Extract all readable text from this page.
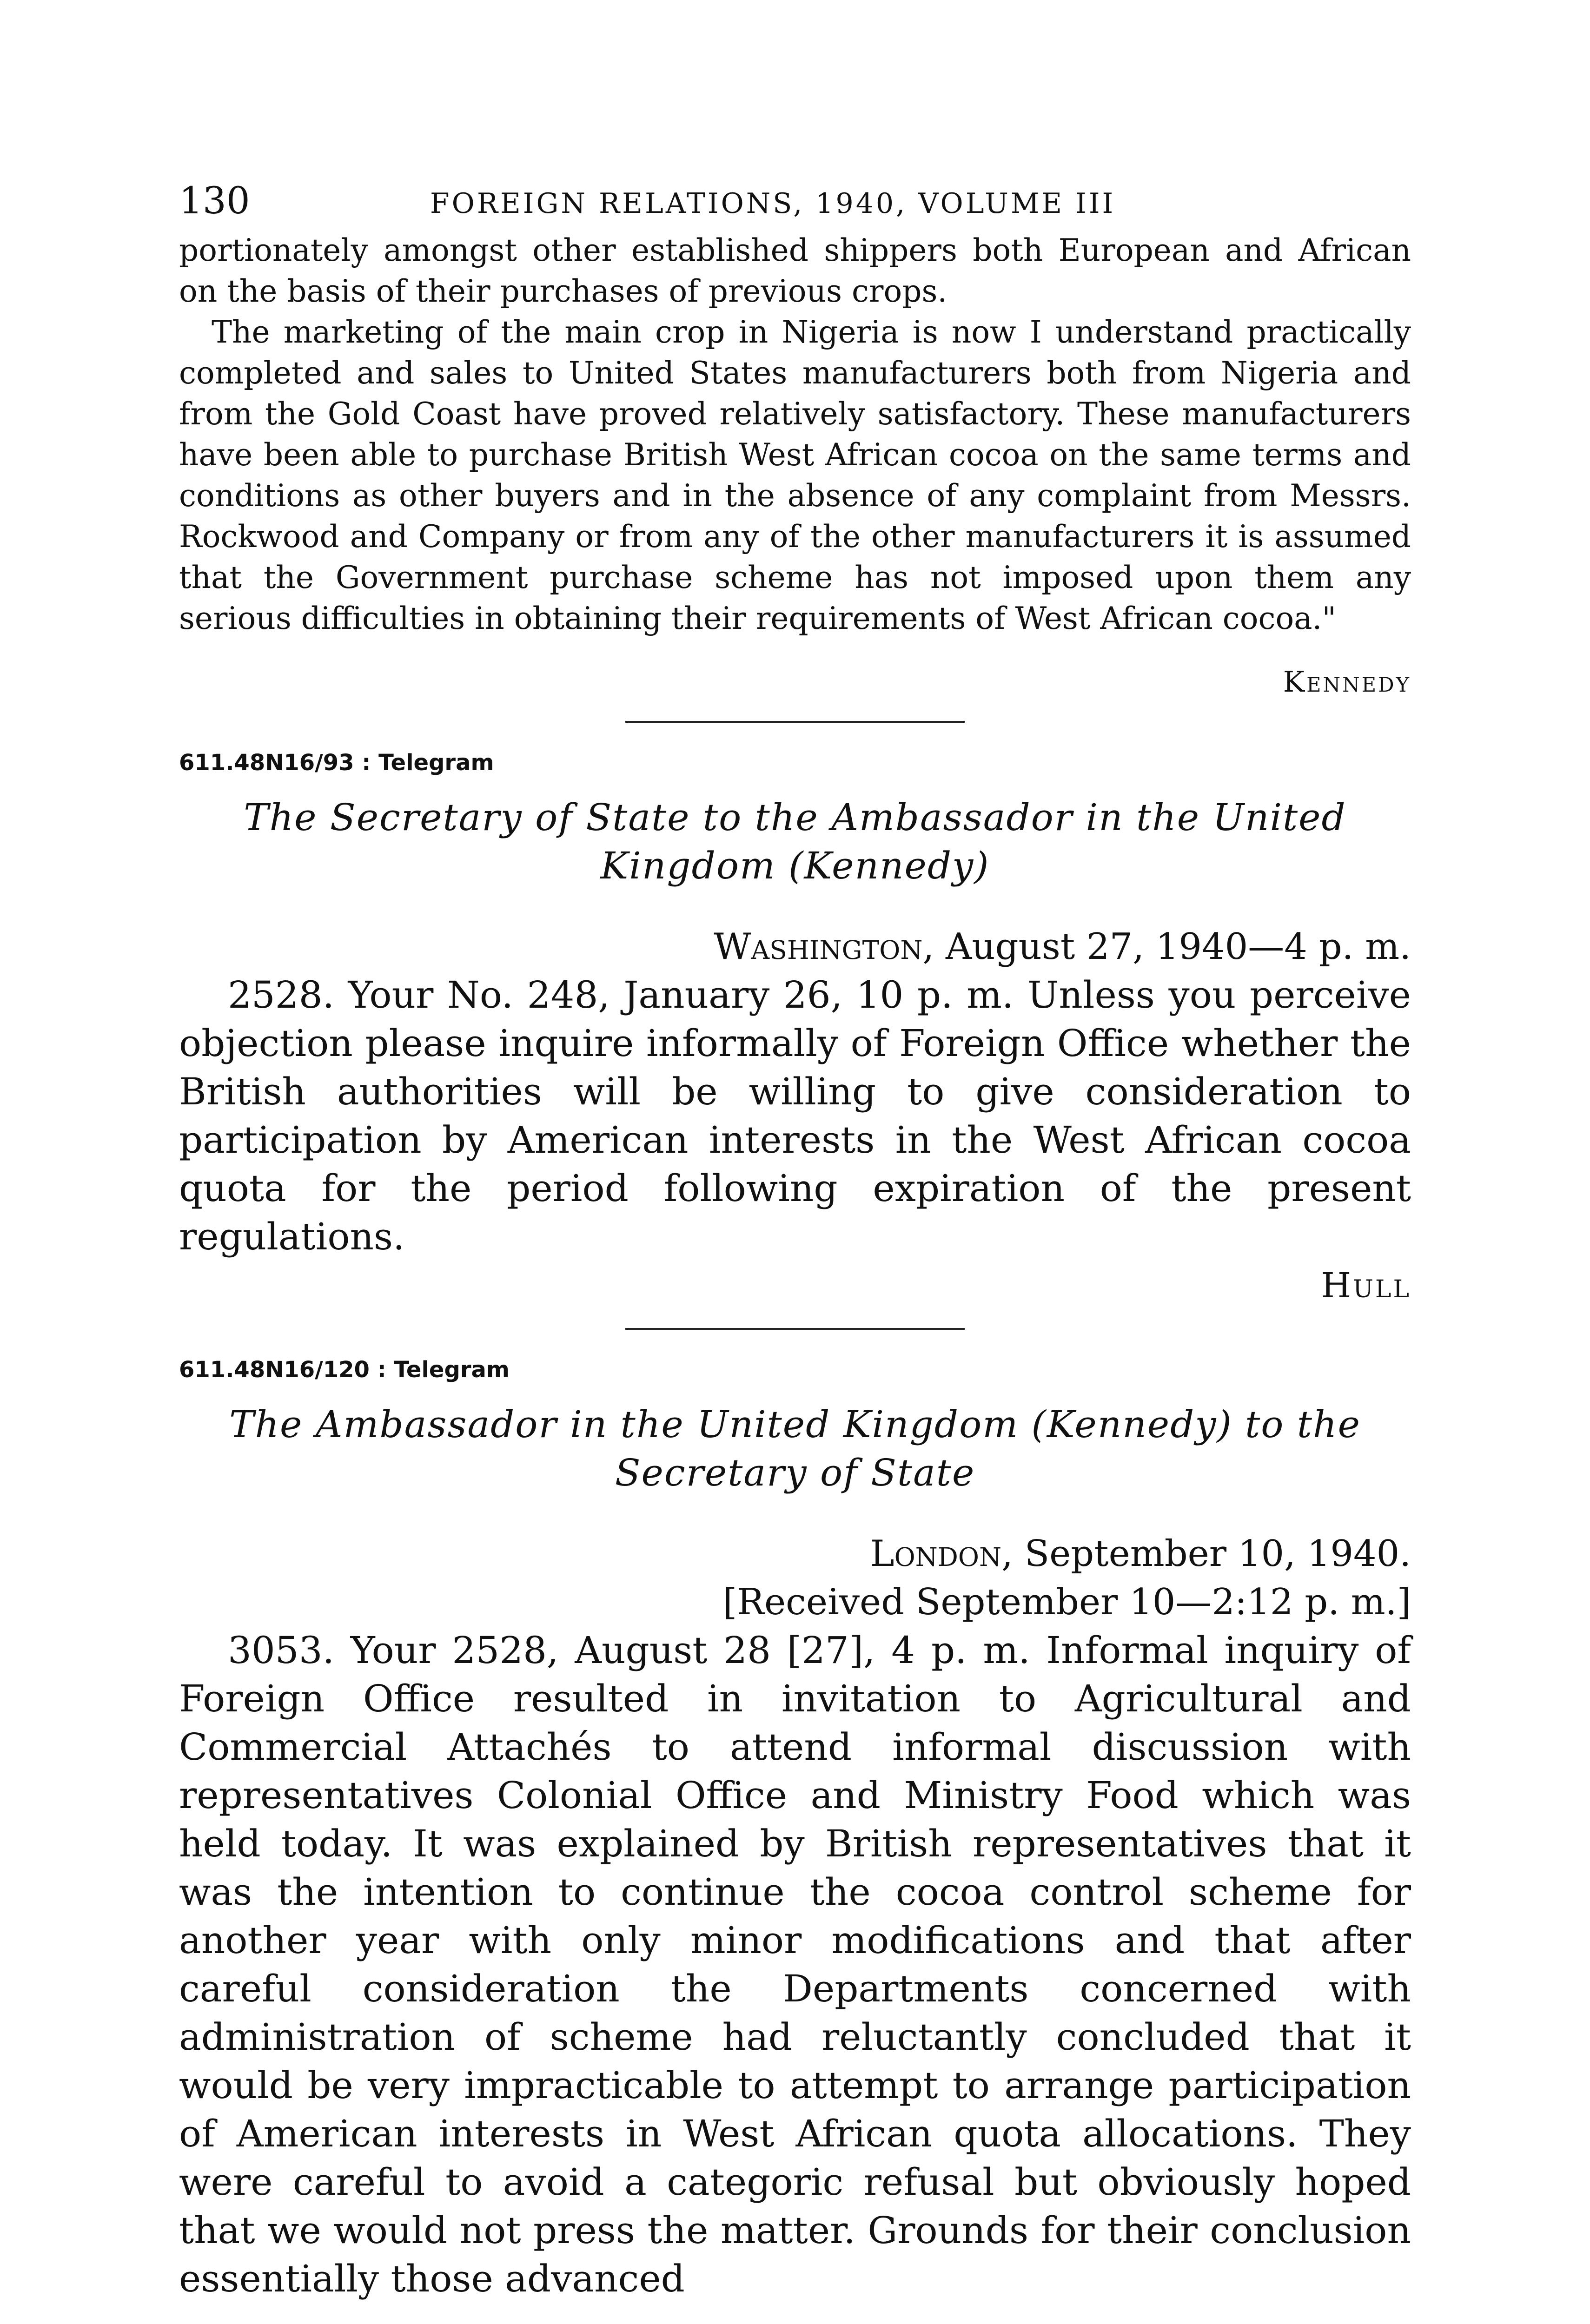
130	FOREIGN RELATIONS, 1940, VOLUME III

portionately amongst other established shippers both European and African on the basis of their purchases of previous crops.

The marketing of the main crop in Nigeria is now I understand practically completed and sales to United States manufacturers both from Nigeria and from the Gold Coast have proved relatively satisfactory. These manufacturers have been able to purchase British West African cocoa on the same terms and conditions as other buyers and in the absence of any complaint from Messrs. Rockwood and Company or from any of the other manufacturers it is assumed that the Government purchase scheme has not imposed upon them any serious difficulties in obtaining their requirements of West African cocoa."

Kennedy

611.48N16/93 : Telegram

The Secretary of State to the Ambassador in the United Kingdom (Kennedy)

Washington, August 27, 1940—4 p. m.

2528. Your No. 248, January 26, 10 p. m. Unless you perceive objection please inquire informally of Foreign Office whether the British authorities will be willing to give consideration to participation by American interests in the West African cocoa quota for the period following expiration of the present regulations.

Hull

611.48N16/120 : Telegram

The Ambassador in the United Kingdom (Kennedy) to the Secretary of State

London, September 10, 1940.

[Received September 10—2:12 p. m.]

3053. Your 2528, August 28 [27], 4 p. m. Informal inquiry of Foreign Office resulted in invitation to Agricultural and Commercial Attachés to attend informal discussion with representatives Colonial Office and Ministry Food which was held today. It was explained by British representatives that it was the intention to continue the cocoa control scheme for another year with only minor modifications and that after careful consideration the Departments concerned with administration of scheme had reluctantly concluded that it would be very impracticable to attempt to arrange participation of American interests in West African quota allocations. They were careful to avoid a categoric refusal but obviously hoped that we would not press the matter. Grounds for their conclusion essentially those advanced
